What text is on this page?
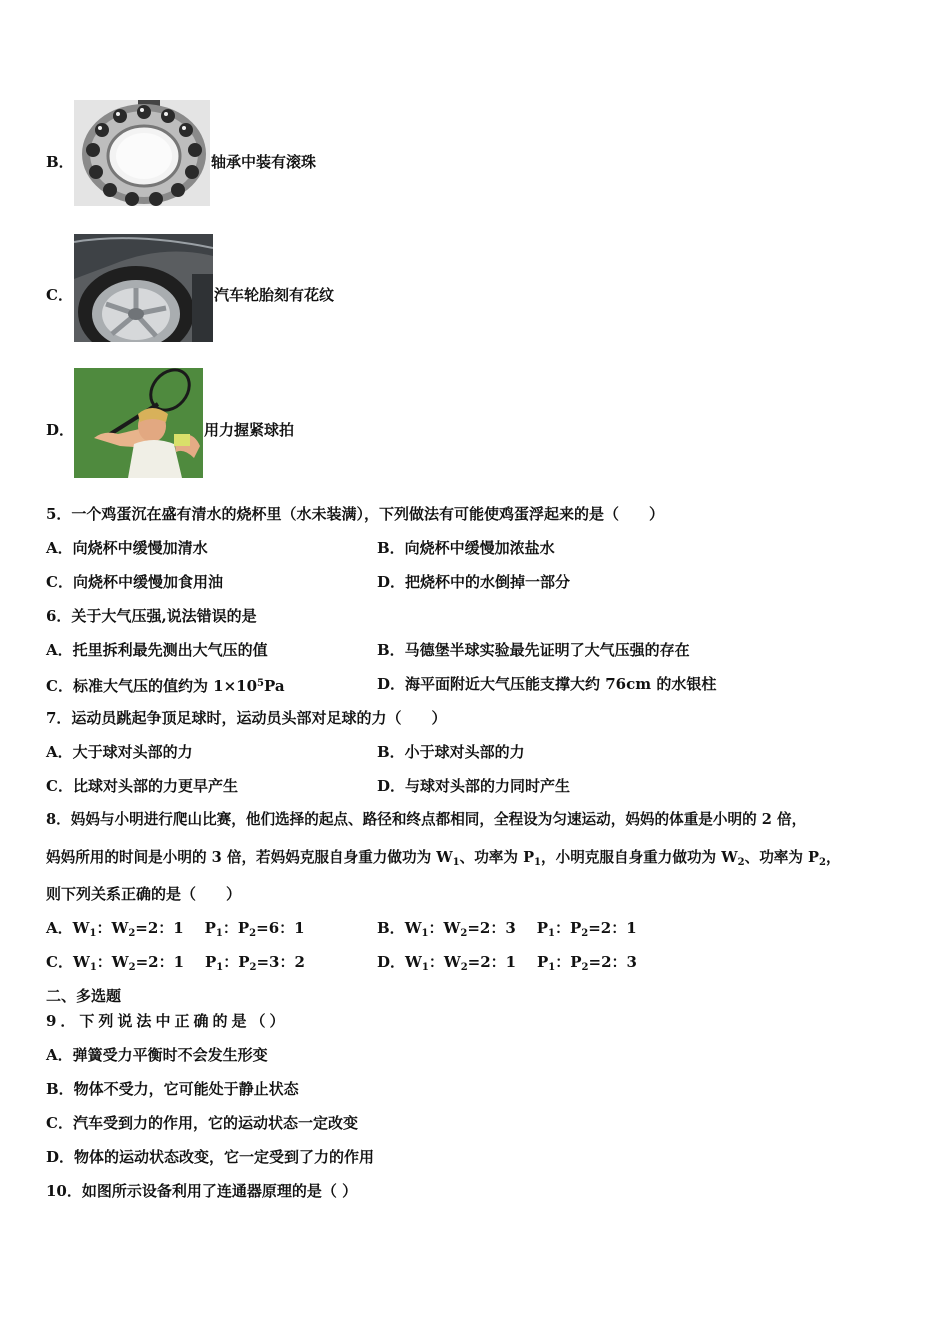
B．	轴承中装有滚珠
C．	汽车轮胎刻有花纹
D．	用力握紧球拍
5．一个鸡蛋沉在盛有清水的烧杯里（水未装满），下列做法有可能使鸡蛋浮起来的是（　　）
A．向烧杯中缓慢加清水	B．向烧杯中缓慢加浓盐水
C．向烧杯中缓慢加食用油	D．把烧杯中的水倒掉一部分
6．关于大气压强,说法错误的是
A．托里拆利最先测出大气压的值	B．马德堡半球实验最先证明了大气压强的存在
C．标准大气压的值约为 $1\times 10^5Pa$	D．海平面附近大气压能支撑大约 76cm 的水银柱
7．运动员跳起争顶足球时，运动员头部对足球的力（　　）
A．大于球对头部的力	B．小于球对头部的力
C．比球对头部的力更早产生	D．与球对头部的力同时产生
8．妈妈与小明进行爬山比赛，他们选择的起点、路径和终点都相同，全程设为匀速运动，妈妈的体重是小明的 2 倍，
妈妈所用的时间是小明的 3 倍，若妈妈克服自身重力做功为 $W_1$、功率为 $P_1$，小明克服自身重力做功为 $W_2$、功率为 $P_2$，
则下列关系正确的是（　　）
A．$W_1$：$W_2=2$：1 $P_1$：$P_2=6$：1	B．$W_1$：$W_2=2$：3 $P_1$：$P_2=2$：1
C．$W_1$：$W_2=2$：1 $P_1$：$P_2=3$：2	D．$W_1$：$W_2=2$：1 $P_1$：$P_2=2$：3
二、多选题
9．下列说法中正确的是（）
A．弹簧受力平衡时不会发生形变
B．物体不受力，它可能处于静止状态
C．汽车受到力的作用，它的运动状态一定改变
D．物体的运动状态改变，它一定受到了力的作用
10．如图所示设备利用了连通器原理的是（ ）
